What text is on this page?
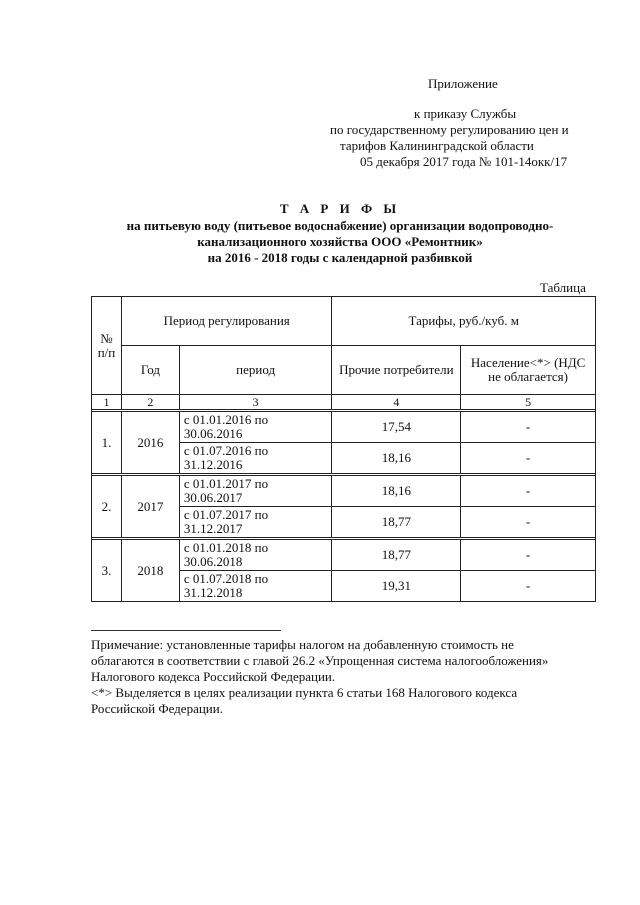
Приложение
к приказу Службы
по государственному регулированию цен и
тарифов Калининградской области
05 декабря 2017 года № 101-14окк/17
Т А Р И Ф Ы
на питьевую воду (питьевое водоснабжение) организации водопроводно-
канализационного хозяйства ООО «Ремонтник»
на 2016 - 2018 годы с календарной разбивкой
Таблица
№ п/п	Период регулирования		Тарифы, руб./куб. м	
	Год	период	Прочие потребители	Население<*> (НДС не облагается)
1	2	3	4	5

1.	2016	с 01.01.2016 по 30.06.2016	17,54	-
		с 01.07.2016 по 31.12.2016	18,16	-

2.	2017	с 01.01.2017 по 30.06.2017	18,16	-
		с 01.07.2017 по 31.12.2017	18,77	-

3.	2018	с 01.01.2018 по 30.06.2018	18,77	-
		с 01.07.2018 по 31.12.2018	19,31	-
Примечание: установленные тарифы налогом на добавленную стоимость не
облагаются в соответствии с главой 26.2 «Упрощенная система налогообложения»
Налогового кодекса Российской Федерации.
<*> Выделяется в целях реализации пункта 6 статьи 168 Налогового кодекса
Российской Федерации.
